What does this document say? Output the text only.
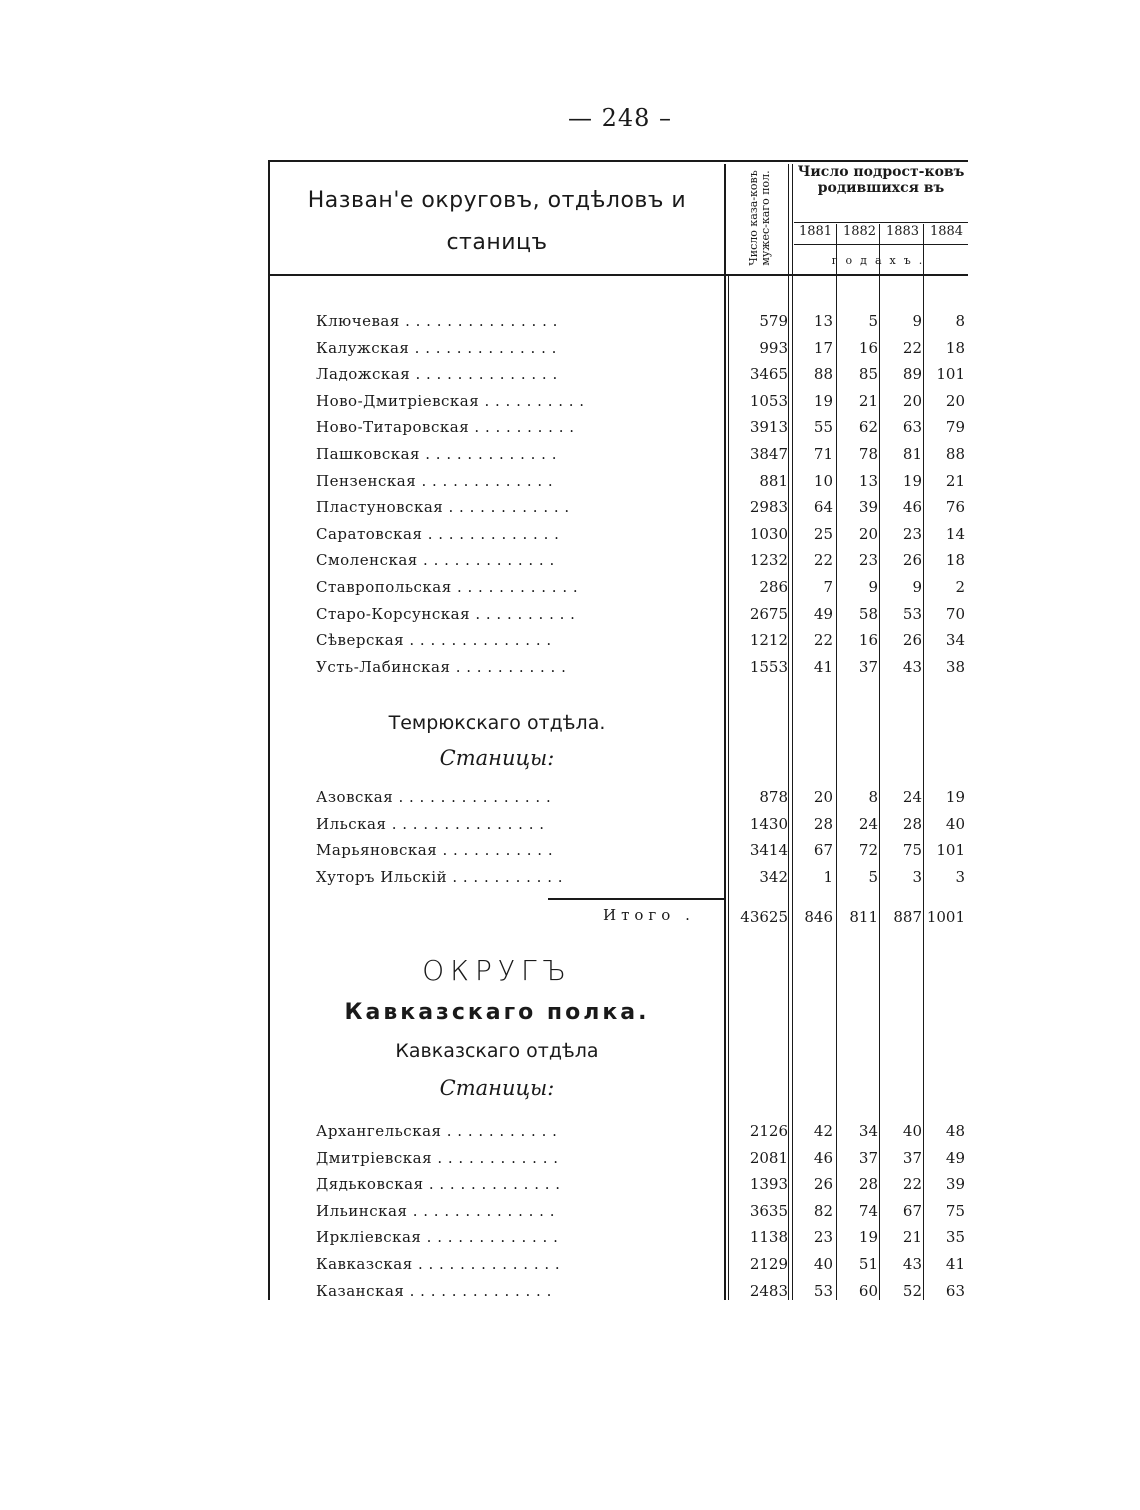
— 248 –
Назван'е округовъ, отдѣловъ и
станицъ	Число каза-ковъ мужес-каго пол. Число подрост-ковъ родившихся въ
1881 1882 1883 1884
годахъ.
Ключевая . . . . . . . . . . . . . . .	579	13	5	9	8
Калужская . . . . . . . . . . . . . .	993	17	16	22	18
Ладожская . . . . . . . . . . . . . .	3465	88	85	89 101
Ново-Дмитріевская . . . . . . . . . .	1053	19	21	20	20
Ново-Титаровская . . . . . . . . . .	3913	55	62	63	79
Пашковская . . . . . . . . . . . . .	3847	71	78	81	88
Пензенская . . . . . . . . . . . . .	881	10	13	19	21
Пластуновская . . . . . . . . . . . .	2983	64	39	46	76
Саратовская . . . . . . . . . . . . .	1030	25	20	23	14
Смоленская . . . . . . . . . . . . .	1232	22	23	26	18
Ставропольская . . . . . . . . . . . .	286	7	9	9	2
Старо-Корсунская . . . . . . . . . .	2675	49	58	53	70
Сѣверская . . . . . . . . . . . . . .	1212	22	16	26	34
Усть-Лабинская . . . . . . . . . . .	1553	41	37	43	38
Темрюкскаго отдѣла.
Станицы:
Азовская . . . . . . . . . . . . . . .	878	20	8	24	19
Ильская . . . . . . . . . . . . . . .	1430	28	24	28	40
Марьяновская . . . . . . . . . . .	3414	67	72	75 101
Хуторъ Ильскій . . . . . . . . . . .	342	1	5	3	3
Итого .	43625	846	811	887 1001
ОКРУГЪ
Кавказскаго полка.
Кавказскаго отдѣла
Станицы:
Архангельская . . . . . . . . . . .	2126	42	34	40	48
Дмитріевская . . . . . . . . . . . .	2081	46	37	37	49
Дядьковская . . . . . . . . . . . . .	1393	26	28	22	39
Ильинская . . . . . . . . . . . . . .	3635	82	74	67	75
Иркліевская . . . . . . . . . . . . .	1138	23	19	21	35
Кавказская . . . . . . . . . . . . . .	2129	40	51	43	41
Казанская . . . . . . . . . . . . . .	2483	53	60	52	63
